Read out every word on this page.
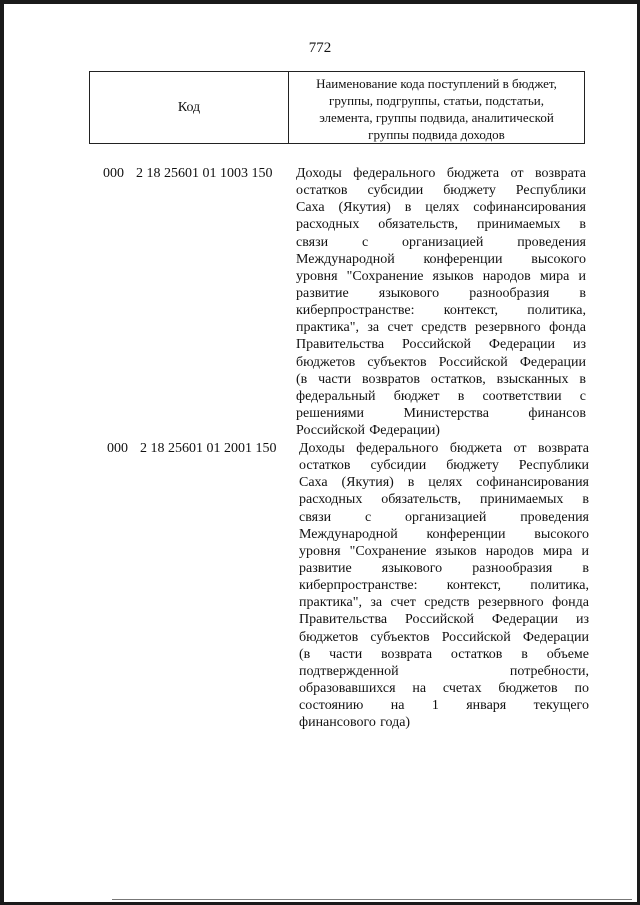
772
Код
Наименование кода поступлений в бюджет,
группы, подгруппы, статьи, подстатьи,
элемента, группы подвида, аналитической
группы подвида доходов
000 2 18 25601 01 1003 150 Доходы федерального бюджета от возврата
остатков субсидии бюджету Республики
Саха (Якутия) в целях софинансирования
расходных обязательств, принимаемых в
связи с организацией проведения
Международной конференции высокого
уровня "Сохранение языков народов мира и
развитие языкового разнообразия в
киберпространстве: контекст, политика,
практика", за счет средств резервного фонда
Правительства Российской Федерации из
бюджетов субъектов Российской Федерации
(в части возвратов остатков, взысканных в
федеральный бюджет в соответствии с
решениями	Министерства	финансов
Российской Федерации)
000 2 18 25601 01 2001 150 Доходы федерального бюджета от возврата
остатков субсидии бюджету Республики
Саха (Якутия) в целях софинансирования
расходных обязательств, принимаемых в
связи с организацией проведения
Международной конференции высокого
уровня "Сохранение языков народов мира и
развитие языкового разнообразия в
киберпространстве: контекст, политика,
практика", за счет средств резервного фонда
Правительства Российской Федерации из
бюджетов субъектов Российской Федерации
(в части возврата остатков в объеме
подтвержденной	потребности,
образовавшихся на счетах бюджетов по
состоянию на 1 января текущего
финансового года)
